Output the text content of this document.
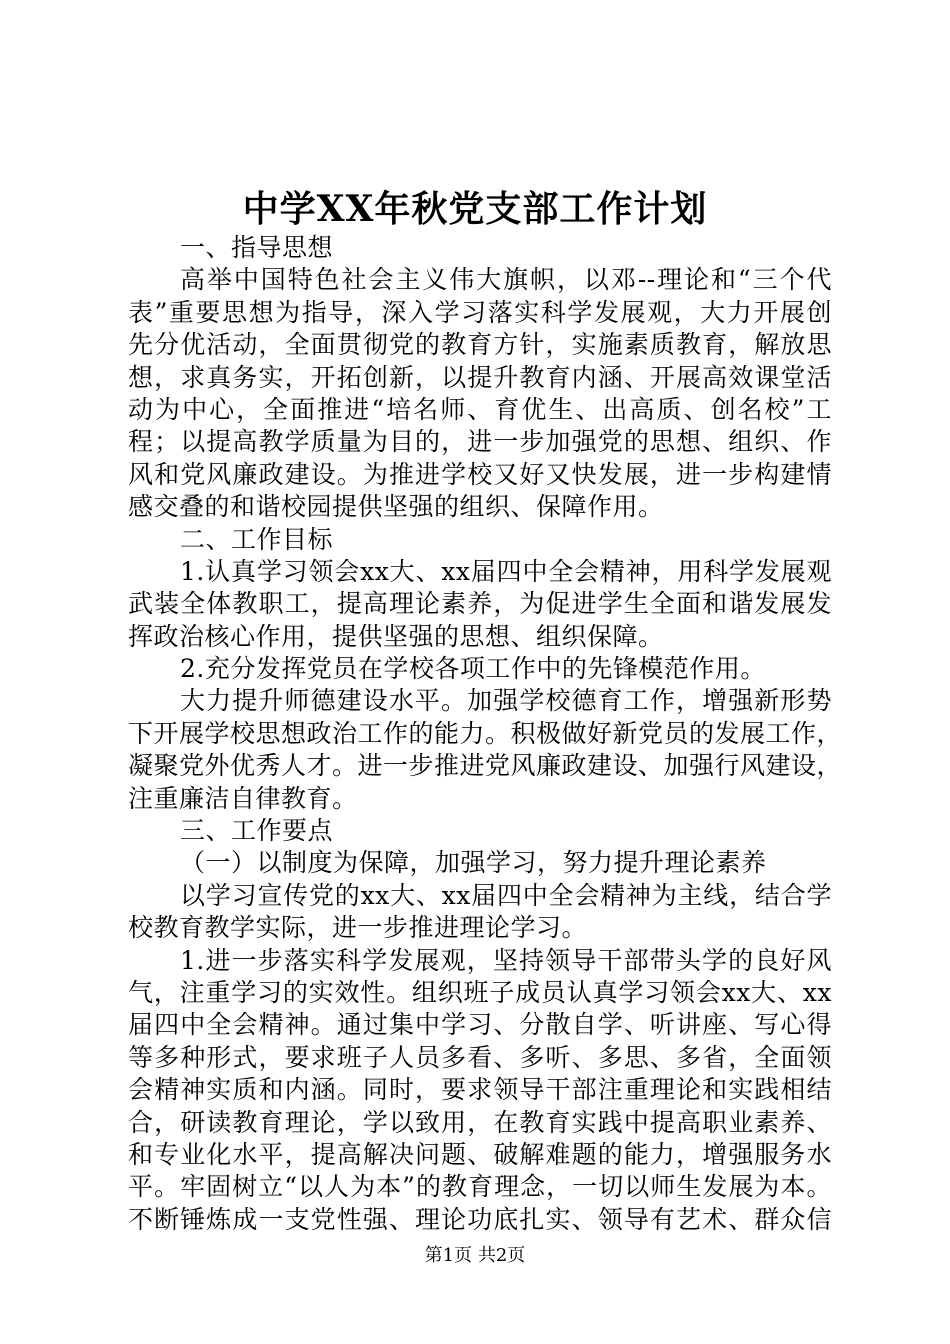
中学XX年秋党支部工作计划
一、指导思想
高举中国特色社会主义伟大旗帜，以邓--理论和“三个代
表”重要思想为指导，深入学习落实科学发展观，大力开展创
先分优活动，全面贯彻党的教育方针，实施素质教育，解放思
想，求真务实，开拓创新，以提升教育内涵、开展高效课堂活
动为中心，全面推进“培名师、育优生、出高质、创名校”工
程；以提高教学质量为目的，进一步加强党的思想、组织、作
风和党风廉政建设。为推进学校又好又快发展，进一步构建情
感交叠的和谐校园提供坚强的组织、保障作用。
二、工作目标
1.认真学习领会xx大、xx届四中全会精神，用科学发展观
武装全体教职工，提高理论素养，为促进学生全面和谐发展发
挥政治核心作用，提供坚强的思想、组织保障。
2.充分发挥党员在学校各项工作中的先锋模范作用。
大力提升师德建设水平。加强学校德育工作，增强新形势
下开展学校思想政治工作的能力。积极做好新党员的发展工作，
凝聚党外优秀人才。进一步推进党风廉政建设、加强行风建设，
注重廉洁自律教育。
三、工作要点
（一）以制度为保障，加强学习，努力提升理论素养
以学习宣传党的xx大、xx届四中全会精神为主线，结合学
校教育教学实际，进一步推进理论学习。
1.进一步落实科学发展观，坚持领导干部带头学的良好风
气，注重学习的实效性。组织班子成员认真学习领会xx大、xx
届四中全会精神。通过集中学习、分散自学、听讲座、写心得
等多种形式，要求班子人员多看、多听、多思、多省，全面领
会精神实质和内涵。同时，要求领导干部注重理论和实践相结
合，研读教育理论，学以致用，在教育实践中提高职业素养、
和专业化水平，提高解决问题、破解难题的能力，增强服务水
平。牢固树立“以人为本”的教育理念，一切以师生发展为本。
不断锤炼成一支党性强、理论功底扎实、领导有艺术、群众信
第1页 共2页
